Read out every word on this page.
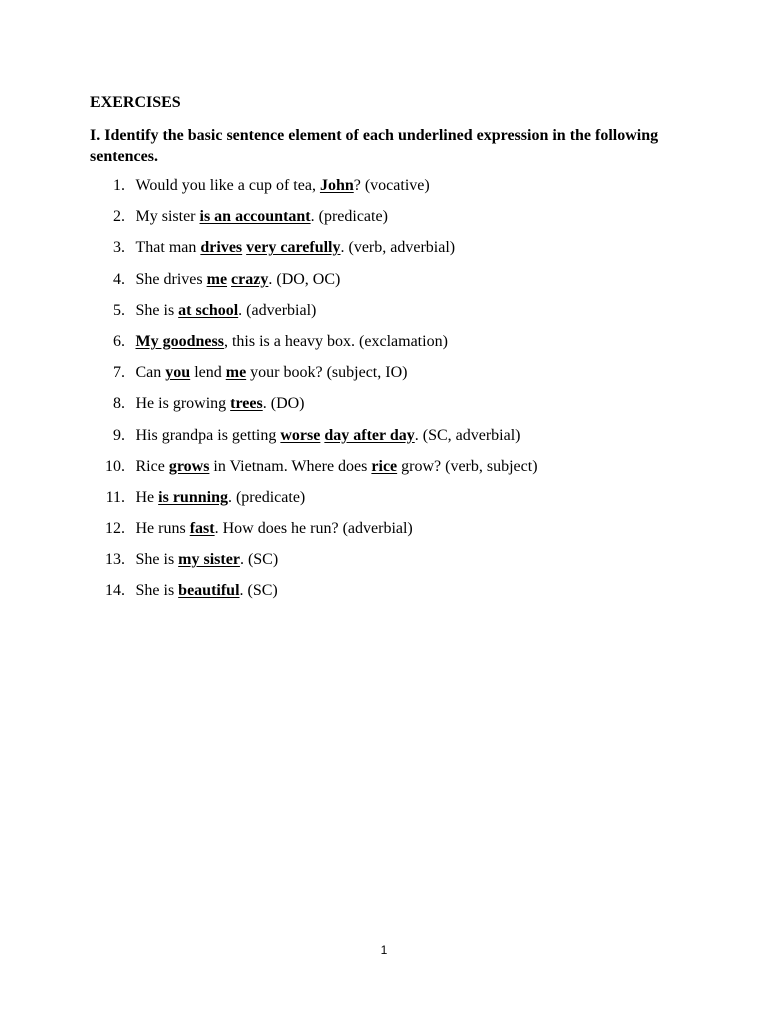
EXERCISES
I. Identify the basic sentence element of each underlined expression in the following sentences.
1. Would you like a cup of tea, John? (vocative)
2. My sister is an accountant. (predicate)
3. That man drives very carefully. (verb, adverbial)
4. She drives me crazy. (DO, OC)
5. She is at school. (adverbial)
6. My goodness, this is a heavy box. (exclamation)
7. Can you lend me your book? (subject, IO)
8. He is growing trees. (DO)
9. His grandpa is getting worse day after day. (SC, adverbial)
10. Rice grows in Vietnam. Where does rice grow? (verb, subject)
11. He is running. (predicate)
12. He runs fast. How does he run? (adverbial)
13. She is my sister. (SC)
14. She is beautiful. (SC)
1
